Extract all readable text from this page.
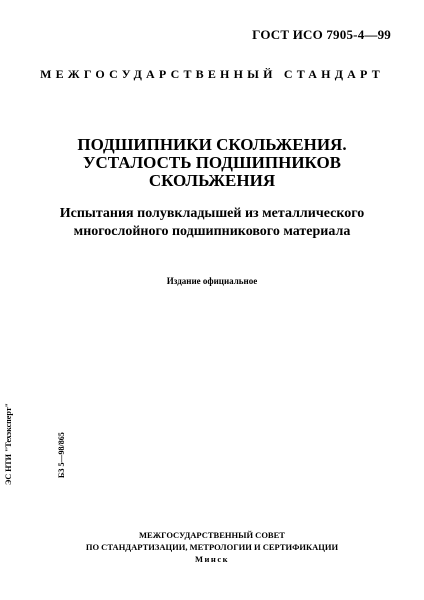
ГОСТ ИСО 7905-4—99
МЕЖГОСУДАРСТВЕННЫЙ СТАНДАРТ
ПОДШИПНИКИ СКОЛЬЖЕНИЯ.
УСТАЛОСТЬ ПОДШИПНИКОВ
СКОЛЬЖЕНИЯ
Испытания полувкладышей из металлического
многослойного подшипникового материала
Издание официальное
ЭС НТИ "Техэксперт"	БЗ 5—98/865
МЕЖГОСУДАРСТВЕННЫЙ СОВЕТ
ПО СТАНДАРТИЗАЦИИ, МЕТРОЛОГИИ И СЕРТИФИКАЦИИ
Минск
